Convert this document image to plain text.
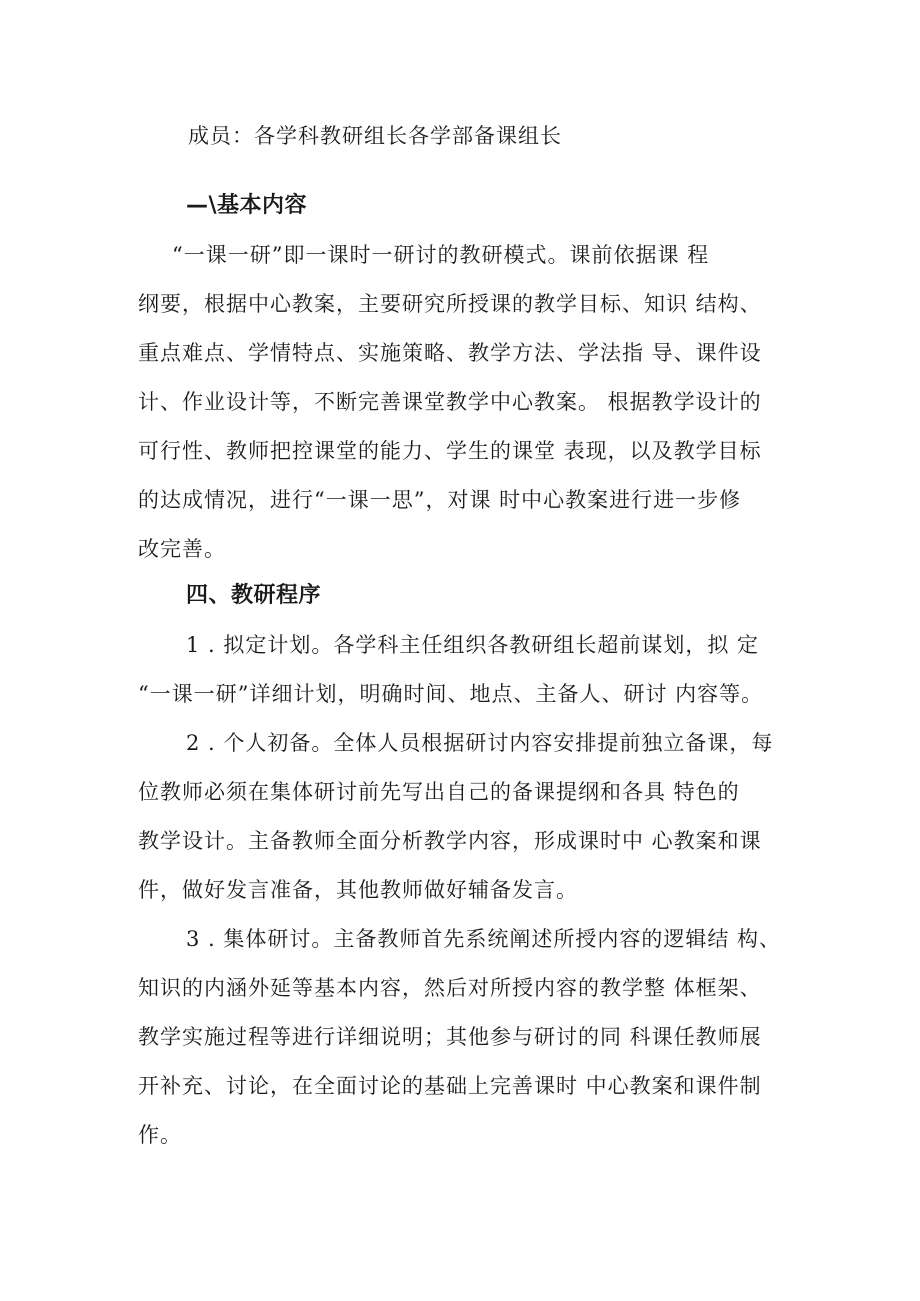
成员：各学科教研组长各学部备课组长
—\基本内容
“一课一研”即一课时一研讨的教研模式。课前依据课 程
纲要，根据中心教案，主要研究所授课的教学目标、知识 结构、
重点难点、学情特点、实施策略、教学方法、学法指 导、课件设
计、作业设计等，不断完善课堂教学中心教案。 根据教学设计的
可行性、教师把控课堂的能力、学生的课堂 表现，以及教学目标
的达成情况，进行“一课一思”，对课 时中心教案进行进一步修
改完善。
四、教研程序
1 . 拟定计划。各学科主任组织各教研组长超前谋划，拟 定
“一课一研”详细计划，明确时间、地点、主备人、研讨 内容等。
2 . 个人初备。全体人员根据研讨内容安排提前独立备课，每
位教师必须在集体研讨前先写出自己的备课提纲和各具 特色的
教学设计。主备教师全面分析教学内容，形成课时中 心教案和课
件，做好发言准备，其他教师做好辅备发言。
3 . 集体研讨。主备教师首先系统阐述所授内容的逻辑结 构、
知识的内涵外延等基本内容，然后对所授内容的教学整 体框架、
教学实施过程等进行详细说明；其他参与研讨的同 科课任教师展
开补充、讨论，在全面讨论的基础上完善课时 中心教案和课件制
作。
